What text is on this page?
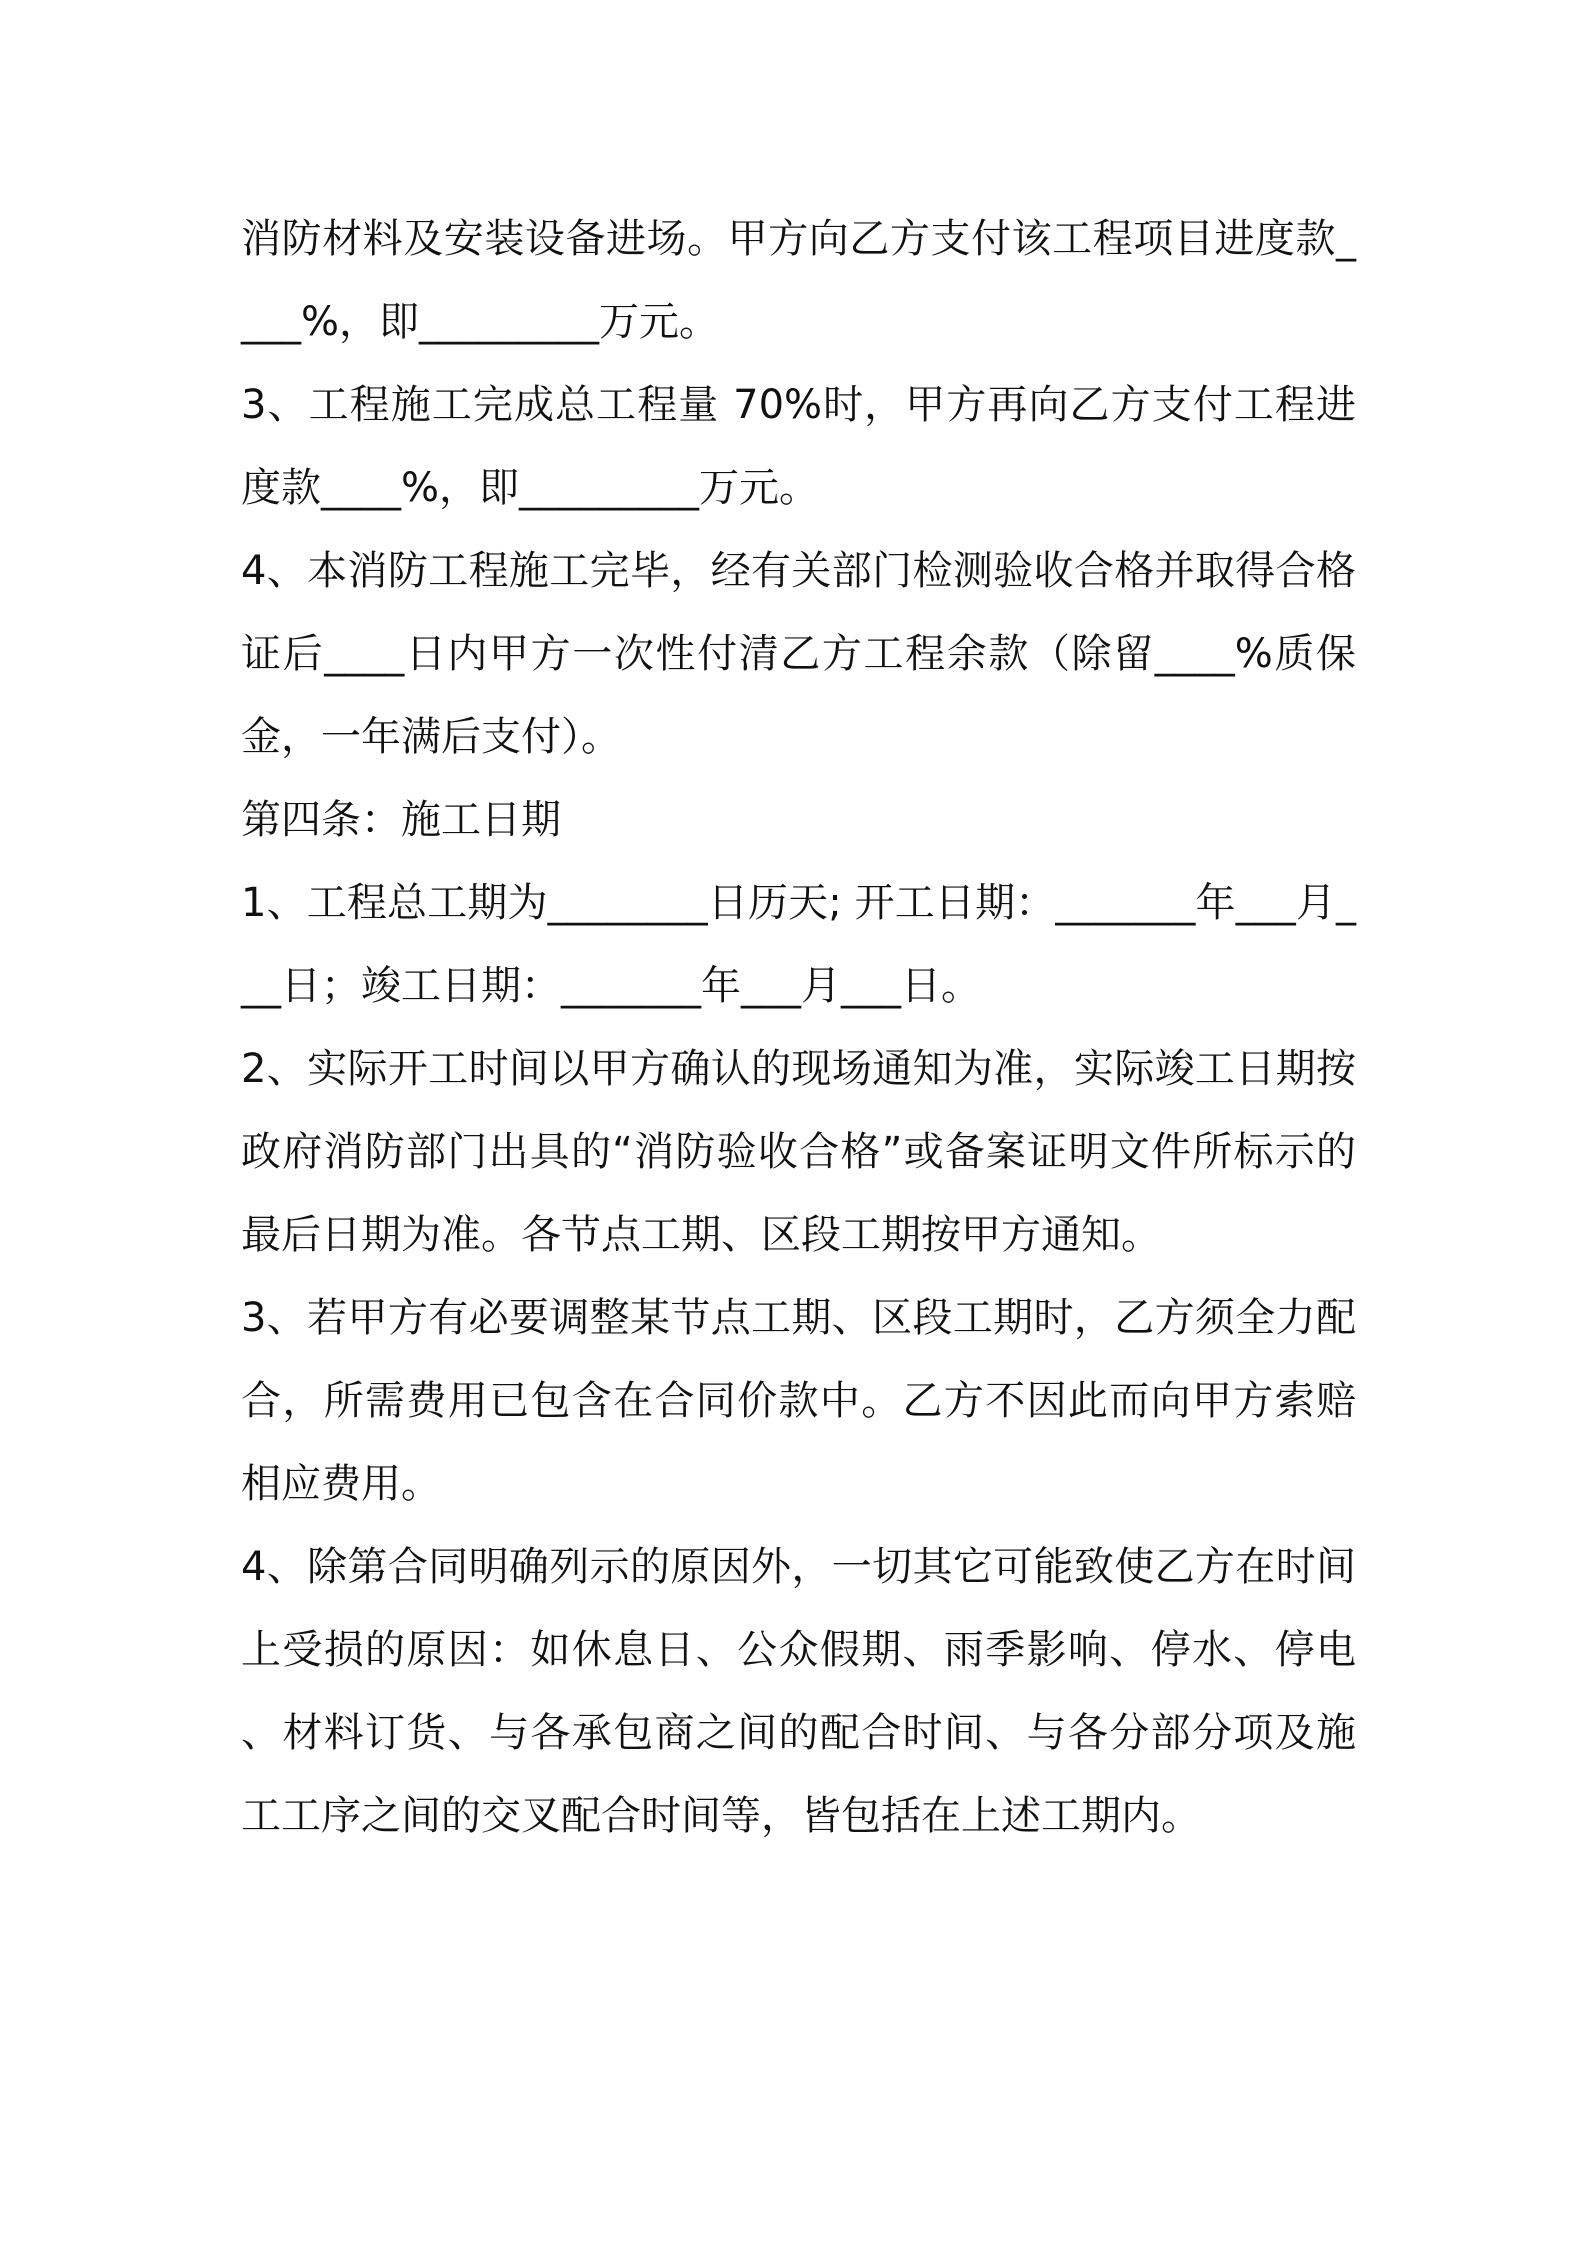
消防材料及安装设备进场。甲方向乙方支付该工程项目进度款____%，即_________万元。

3、工程施工完成总工程量 70%时，甲方再向乙方支付工程进度款____%，即_________万元。

4、本消防工程施工完毕，经有关部门检测验收合格并取得合格证后____日内甲方一次性付清乙方工程余款（除留____%质保金，一年满后支付）。

第四条：施工日期

1、工程总工期为________日历天; 开工日期：_______年___月___日；竣工日期：_______年___月___日。

2、实际开工时间以甲方确认的现场通知为准，实际竣工日期按政府消防部门出具的“消防验收合格”或备案证明文件所标示的最后日期为准。各节点工期、区段工期按甲方通知。

3、若甲方有必要调整某节点工期、区段工期时，乙方须全力配合，所需费用已包含在合同价款中。乙方不因此而向甲方索赔相应费用。

4、除第合同明确列示的原因外，一切其它可能致使乙方在时间上受损的原因：如休息日、公众假期、雨季影响、停水、停电、材料订货、与各承包商之间的配合时间、与各分部分项及施工工序之间的交叉配合时间等，皆包括在上述工期内。
